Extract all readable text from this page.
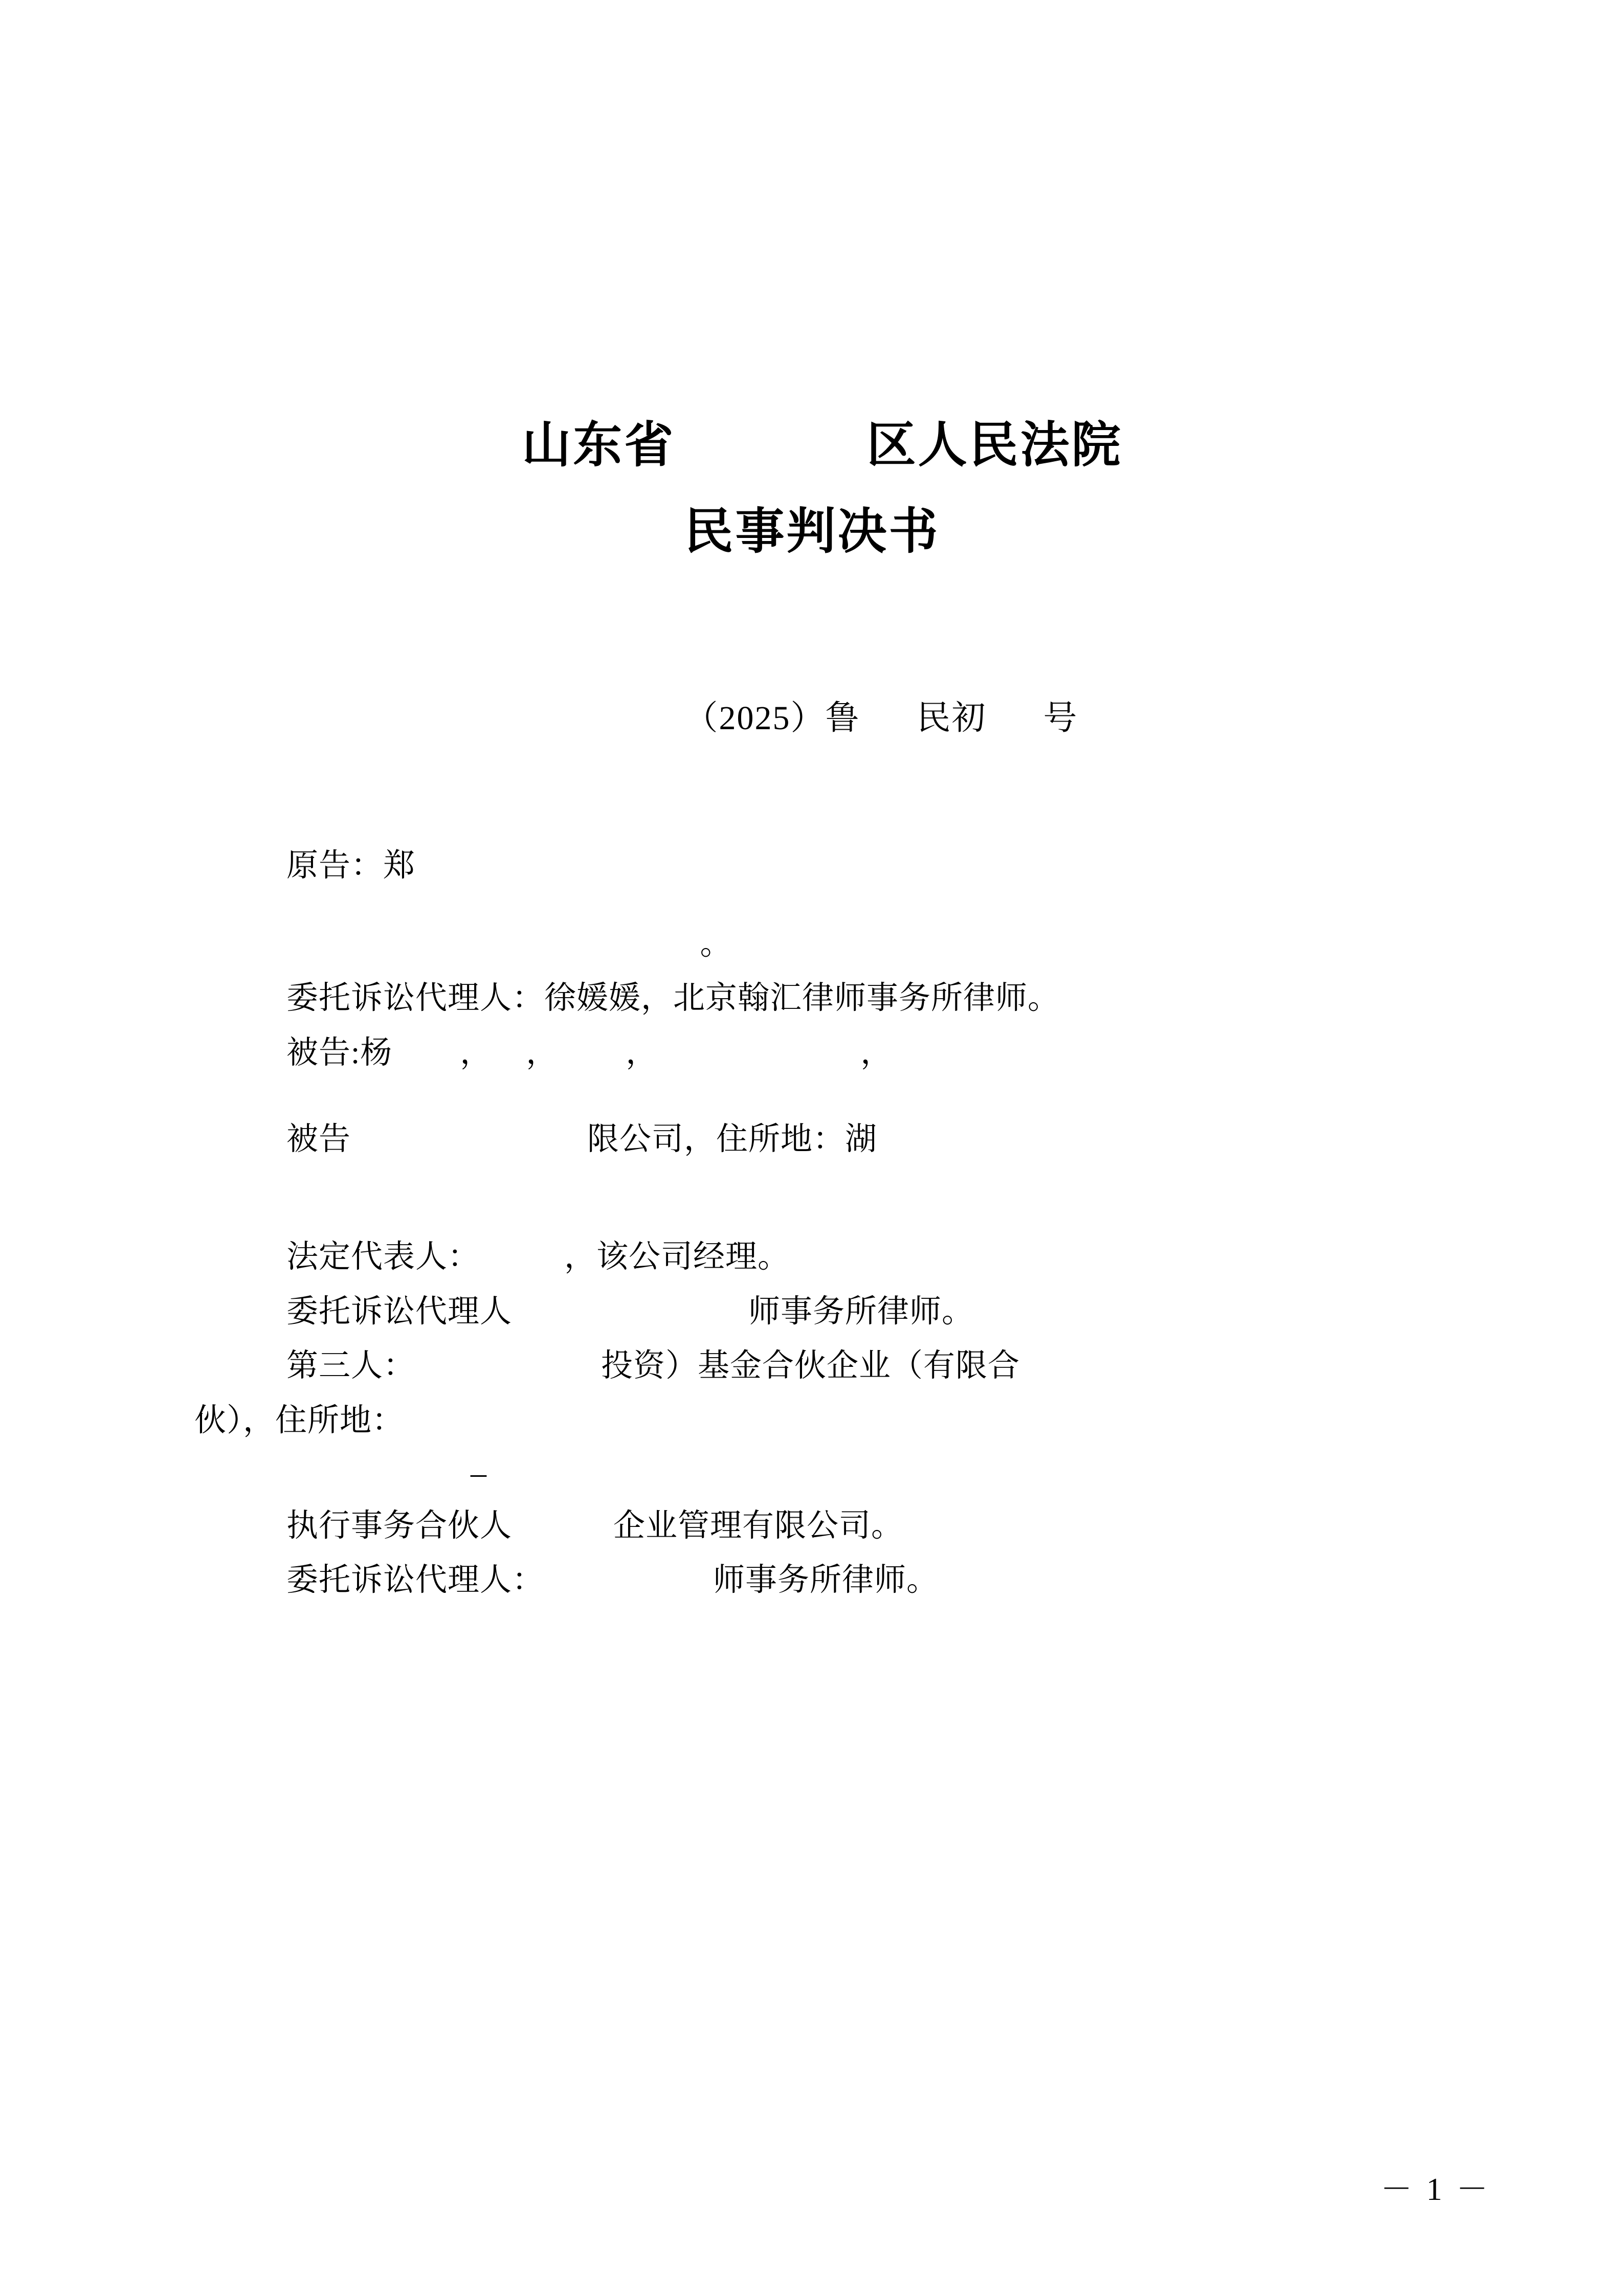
山东省          区人民法院
民事判决书
（2025）鲁      民初      号
原告：郑
。
委托诉讼代理人：徐媛媛，北京翰汇律师事务所律师。
被告:杨        ，    ，        ，                        ，
被告                            限公司，住所地：湖
法定代表人：          ，该公司经理。
委托诉讼代理人                            师事务所律师。
第三人：                      投资）基金合伙企业（有限合
伙），住所地：
–
执行事务合伙人            企业管理有限公司。
委托诉讼代理人：                    师事务所律师。
－ 1 －
